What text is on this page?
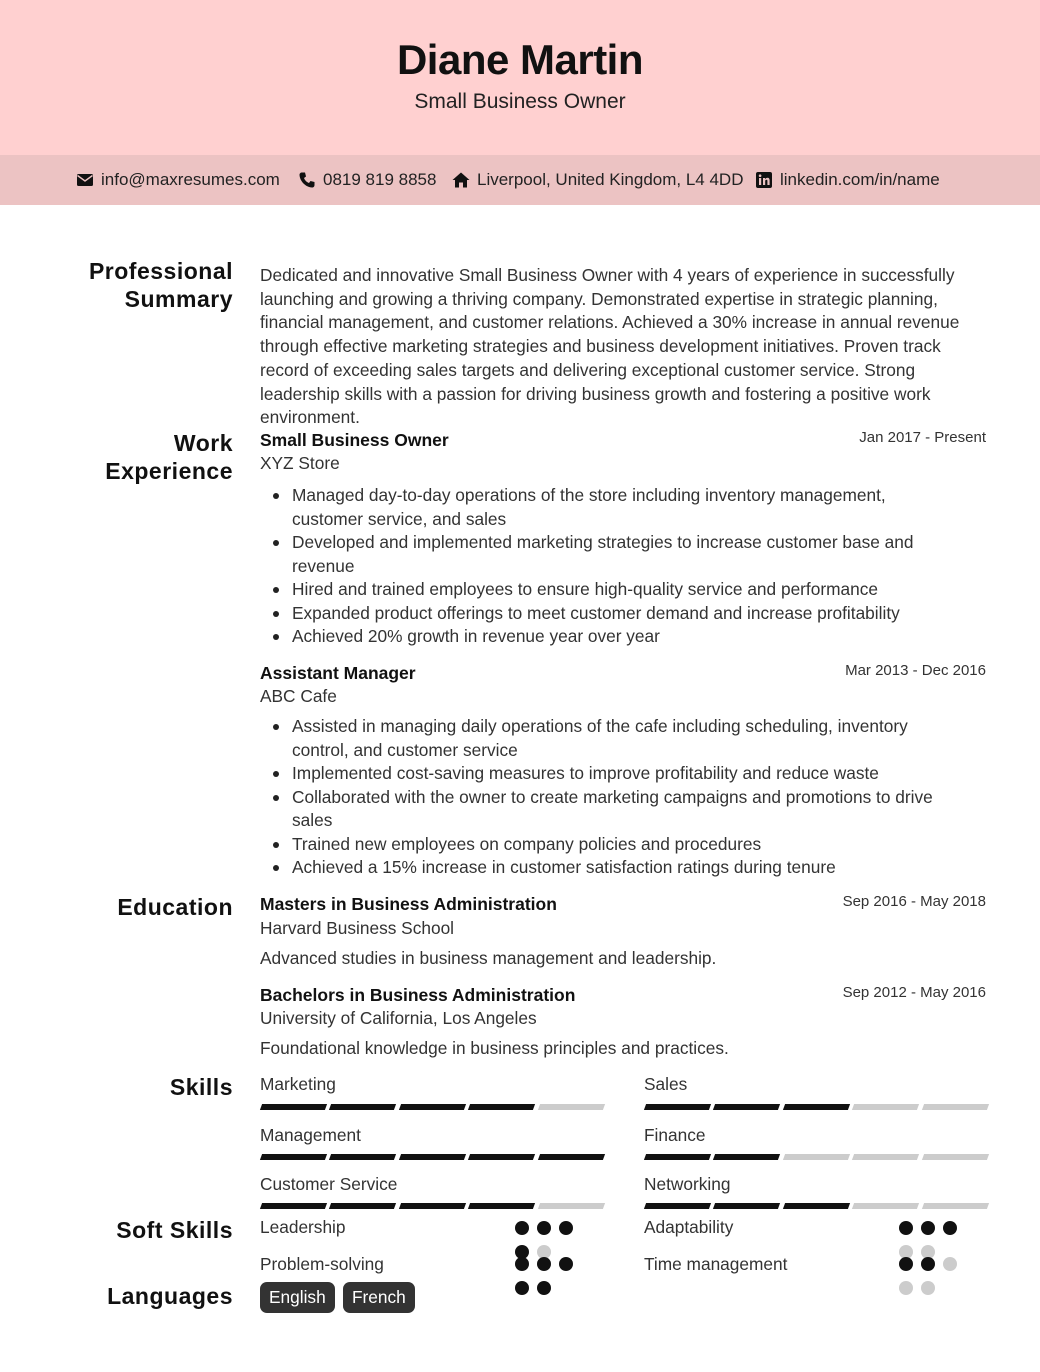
Diane Martin
Small Business Owner
info@maxresumes.com	0819 819 8858 Liverpool, United Kingdom, L4 4DD linkedin.com/in/name
Professional
Summary
Dedicated and innovative Small Business Owner with 4 years of experience in successfully launching and growing a thriving company. Demonstrated expertise in strategic planning, financial management, and customer relations. Achieved a 30% increase in annual revenue through effective marketing strategies and business development initiatives. Proven track record of exceeding sales targets and delivering exceptional customer service. Strong leadership skills with a passion for driving business growth and fostering a positive work environment.
Work
Experience
Small Business Owner	Jan 2017 - Present
XYZ Store
Managed day-to-day operations of the store including inventory management, customer service, and sales
Developed and implemented marketing strategies to increase customer base and revenue
Hired and trained employees to ensure high-quality service and performance
Expanded product offerings to meet customer demand and increase profitability
Achieved 20% growth in revenue year over year
Assistant Manager	Mar 2013 - Dec 2016
ABC Cafe
Assisted in managing daily operations of the cafe including scheduling, inventory control, and customer service
Implemented cost-saving measures to improve profitability and reduce waste
Collaborated with the owner to create marketing campaigns and promotions to drive sales
Trained new employees on company policies and procedures
Achieved a 15% increase in customer satisfaction ratings during tenure
Education Masters in Business Administration	Sep 2016 - May 2018
Harvard Business School
Advanced studies in business management and leadership.
Bachelors in Business Administration	Sep 2012 - May 2016
University of California, Los Angeles
Foundational knowledge in business principles and practices.
Skills Marketing	Sales
Management	Finance
Customer Service	Networking
Soft Skills Leadership	Adaptability
Problem-solving	Time management
Languages	English	French
